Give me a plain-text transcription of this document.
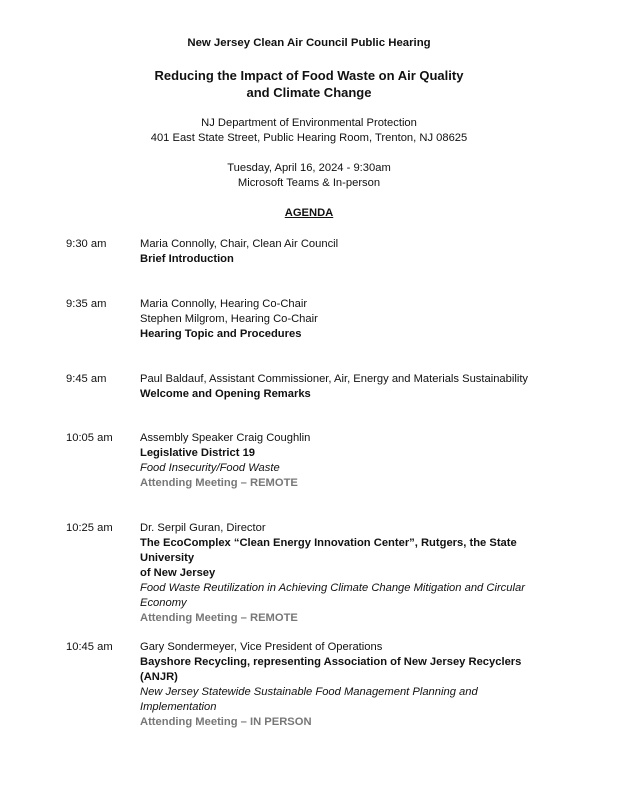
New Jersey Clean Air Council Public Hearing
Reducing the Impact of Food Waste on Air Quality
and Climate Change
NJ Department of Environmental Protection
401 East State Street, Public Hearing Room, Trenton, NJ 08625
Tuesday, April 16, 2024 - 9:30am
Microsoft Teams & In-person
AGENDA
9:30 am	Maria Connolly, Chair, Clean Air Council
Brief Introduction
9:35 am	Maria Connolly, Hearing Co-Chair
Stephen Milgrom, Hearing Co-Chair
Hearing Topic and Procedures
9:45 am	Paul Baldauf, Assistant Commissioner, Air, Energy and Materials Sustainability
Welcome and Opening Remarks
10:05 am	Assembly Speaker Craig Coughlin
Legislative District 19
Food Insecurity/Food Waste
Attending Meeting – REMOTE
10:25 am	Dr. Serpil Guran, Director
The EcoComplex “Clean Energy Innovation Center”, Rutgers, the State University
of New Jersey
Food Waste Reutilization in Achieving Climate Change Mitigation and Circular
Economy
Attending Meeting – REMOTE
10:45 am	Gary Sondermeyer, Vice President of Operations
Bayshore Recycling, representing Association of New Jersey Recyclers (ANJR)
New Jersey Statewide Sustainable Food Management Planning and
Implementation
Attending Meeting – IN PERSON
